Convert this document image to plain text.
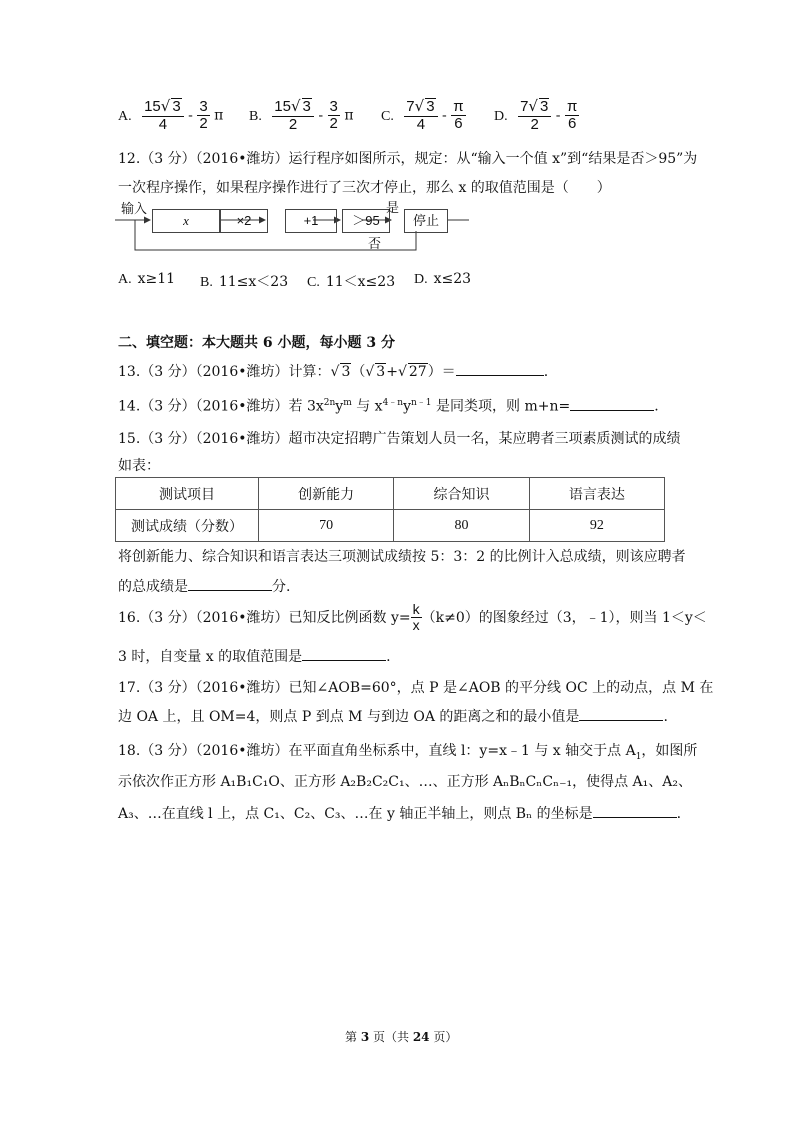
A. $\frac{15√ 3}{4} - \frac{3}{2}$ π B. $\frac{15√ 3}{2} - \frac{3}{2}$ π C. $\frac{7√ 3}{4} - \frac{\pi}{6} D$. $\frac{7√ 3}{2} - \frac{\pi}{6}$
12.（3 分）（2016•潍坊）运行程序如图所示，规定：从“输入一个值 x”到“结果是否＞95”为
一次程序操作，如果程序操作进行了三次才停止，那么 x 的取值范围是（　　）
输入
x	×2	+1	＞95	停止
是
否
A. x≥11 B. 11≤x＜23 C. 11＜x≤23 D. x≤23
二、填空题：本大题共 6 小题，每小题 3 分
13.（3 分）（2016•潍坊）计算：√ 3（√ 3+√ 27）＝	.
14.（3 分）（2016•潍坊）若 $3x^{2n}y^m$ 与 $x^{4﹣n}y^{n﹣1}$ 是同类项，则 m+n=	.
15.（3 分）（2016•潍坊）超市决定招聘广告策划人员一名，某应聘者三项素质测试的成绩
如表：
测试项目	创新能力	综合知识	语言表达
测试成绩（分数）	70	80	92
将创新能力、综合知识和语言表达三项测试成绩按 5：3：2 的比例计入总成绩，则该应聘者
的总成绩是	分.
16.（3 分）（2016•潍坊）已知反比例函数 $y= \frac{k}{x} (k\ne 0)$的图象经过（3，﹣1），则当 1＜y＜
3 时，自变量 x 的取值范围是	.
17.（3 分）（2016•潍坊）已知∠AOB=60°，点 P 是∠AOB 的平分线 OC 上的动点，点 M 在
边 OA 上，且 OM=4，则点 P 到点 M 与到边 OA 的距离之和的最小值是	.
18.（3 分）（2016•潍坊）在平面直角坐标系中，直线 l：y=x﹣1 与 x 轴交于点 $A_1$，如图所
示依次作正方形 A₁B₁C₁O、正方形 A₂B₂C₂C₁、…、正方形 AₙBₙCₙCₙ₋₁，使得点 A₁、A₂、
A₃、…在直线 l 上，点 C₁、C₂、C₃、…在 y 轴正半轴上，则点 Bₙ 的坐标是	.
第 3 页（共 24 页）
